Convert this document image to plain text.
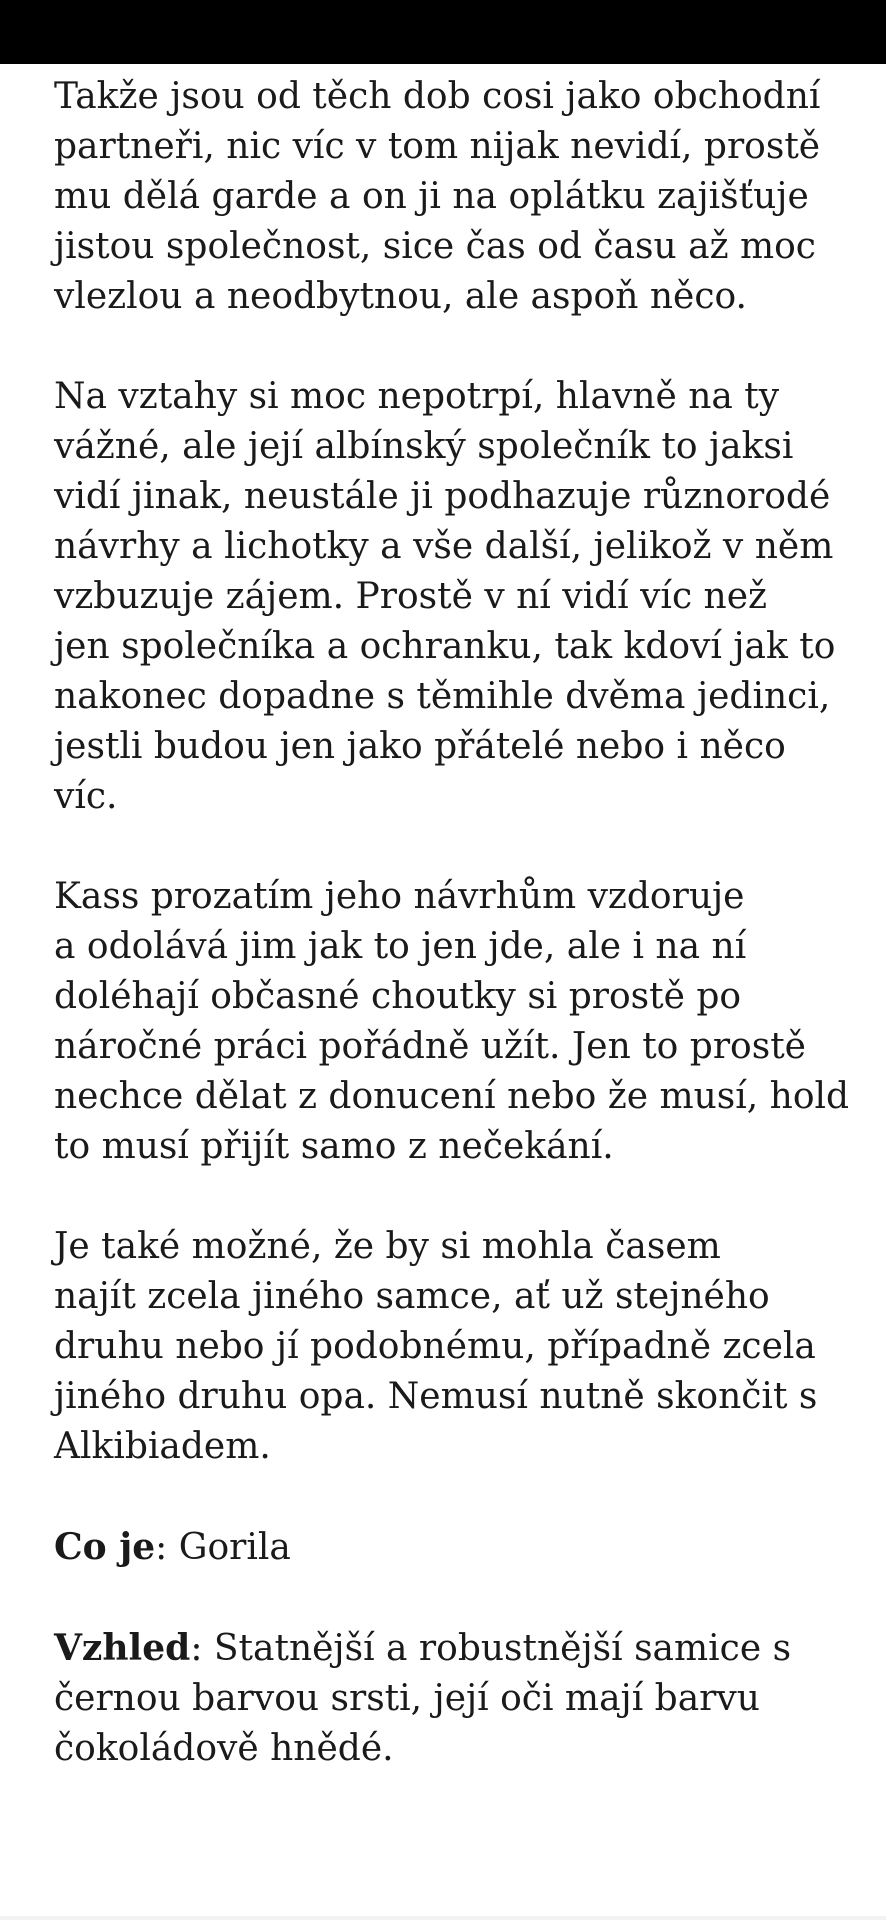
Takže jsou od těch dob cosi jako obchodní
partneři, nic víc v tom nijak nevidí, prostě
mu dělá garde a on ji na oplátku zajišťuje
jistou společnost, sice čas od času až moc
vlezlou a neodbytnou, ale aspoň něco.

Na vztahy si moc nepotrpí, hlavně na ty
vážné, ale její albínský společník to jaksi
vidí jinak, neustále ji podhazuje různorodé
návrhy a lichotky a vše další, jelikož v něm
vzbuzuje zájem. Prostě v ní vidí víc než
jen společníka a ochranku, tak kdoví jak to
nakonec dopadne s těmihle dvěma jedinci,
jestli budou jen jako přátelé nebo i něco
víc.

Kass prozatím jeho návrhům vzdoruje
a odolává jim jak to jen jde, ale i na ní
doléhají občasné choutky si prostě po
náročné práci pořádně užít. Jen to prostě
nechce dělat z donucení nebo že musí, hold
to musí přijít samo z nečekání.

Je také možné, že by si mohla časem
najít zcela jiného samce, ať už stejného
druhu nebo jí podobnému, případně zcela
jiného druhu opa. Nemusí nutně skončit s
Alkibiadem.

Co je: Gorila

Vzhled: Statnější a robustnější samice s
černou barvou srsti, její oči mají barvu
čokoládově hnědé.
